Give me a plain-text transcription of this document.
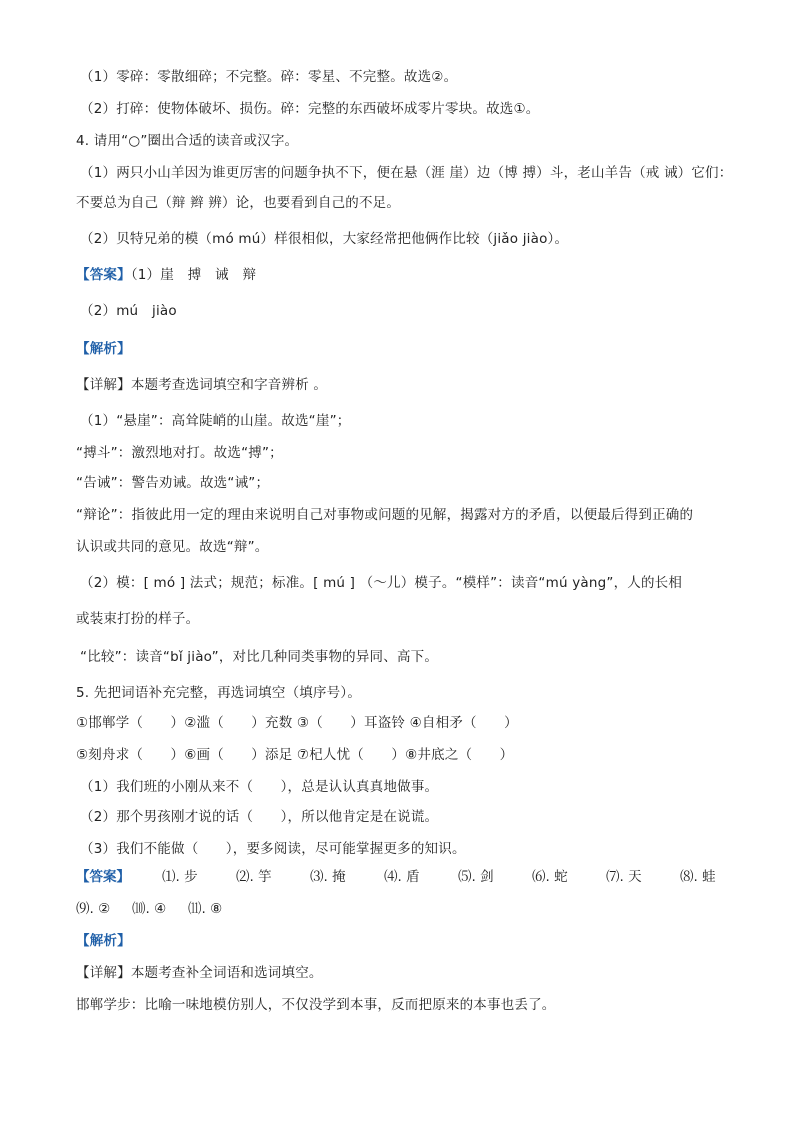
（1）零碎：零散细碎；不完整。碎：零星、不完整。故选②。
（2）打碎：使物体破坏、损伤。碎：完整的东西破坏成零片零块。故选①。
4. 请用“○”圈出合适的读音或汉字。
（1）两只小山羊因为谁更厉害的问题争执不下，便在悬（涯 崖）边（博 搏）斗，老山羊告（戒 诫）它们：
不要总为自己（辩 辫 辨）论，也要看到自己的不足。
（2）贝特兄弟的模（mó mú）样很相似，大家经常把他俩作比较（jiǎo jiào）。
【答案】（1）崖　搏　诫　辩
（2）mú　jiào
【解析】
【详解】本题考查选词填空和字音辨析 。
（1）“悬崖”：高耸陡峭的山崖。故选“崖”；
“搏斗”：激烈地对打。故选“搏”；
“告诫”：警告劝诫。故选“诫”；
“辩论”：指彼此用一定的理由来说明自己对事物或问题的见解，揭露对方的矛盾，以便最后得到正确的
认识或共同的意见。故选“辩”。
（2）模：[ mó ] 法式；规范；标准。[ mú ] （～儿）模子。“模样”：读音“mú yàng”，人的长相
或装束打扮的样子。
“比较”：读音“bǐ jiào”，对比几种同类事物的异同、高下。
5. 先把词语补充完整，再选词填空（填序号）。
①邯郸学（　　）②滥（　　）充数 ③（　　）耳盗铃 ④自相矛（　　）
⑤刻舟求（　　）⑥画（　　）添足 ⑦杞人忧（　　）⑧井底之（　　）
（1）我们班的小刚从来不（　　），总是认认真真地做事。
（2）那个男孩刚才说的话（　　），所以他肯定是在说谎。
（3）我们不能做（　　），要多阅读，尽可能掌握更多的知识。
【答案】 ⑴. 步	⑵. 竽	⑶. 掩	⑷. 盾	⑸. 剑	⑹. 蛇	⑺. 天	⑻. 蛙
⑼. ② ⑽. ④ ⑾. ⑧
【解析】
【详解】本题考查补全词语和选词填空。
邯郸学步：比喻一味地模仿别人，不仅没学到本事，反而把原来的本事也丢了。
